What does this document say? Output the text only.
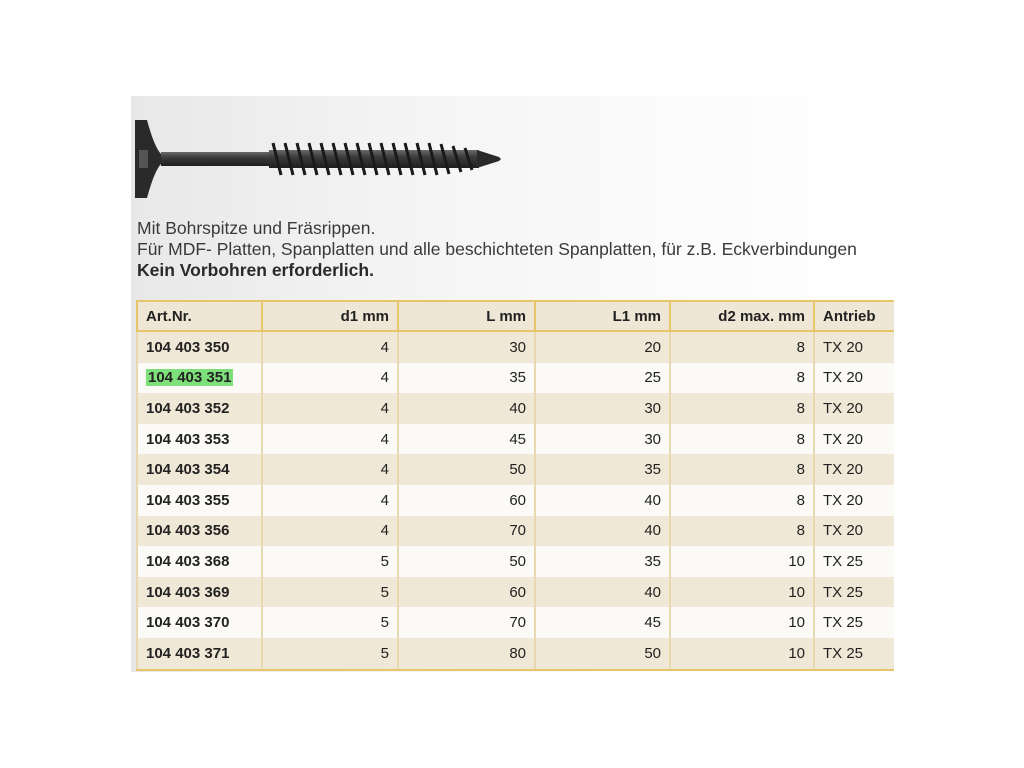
Mit Bohrspitze und Fräsrippen.
Für MDF- Platten, Spanplatten und alle beschichteten Spanplatten, für z.B. Eckverbindungen
Kein Vorbohren erforderlich.
Art.Nr.	d1 mm	L mm	L1 mm	d2 max. mm	Antrieb
104 403 350	4	30	20	8	TX 20
104 403 351	4	35	25	8	TX 20
104 403 352	4	40	30	8	TX 20
104 403 353	4	45	30	8	TX 20
104 403 354	4	50	35	8	TX 20
104 403 355	4	60	40	8	TX 20
104 403 356	4	70	40	8	TX 20
104 403 368	5	50	35	10	TX 25
104 403 369	5	60	40	10	TX 25
104 403 370	5	70	45	10	TX 25
104 403 371	5	80	50	10	TX 25
